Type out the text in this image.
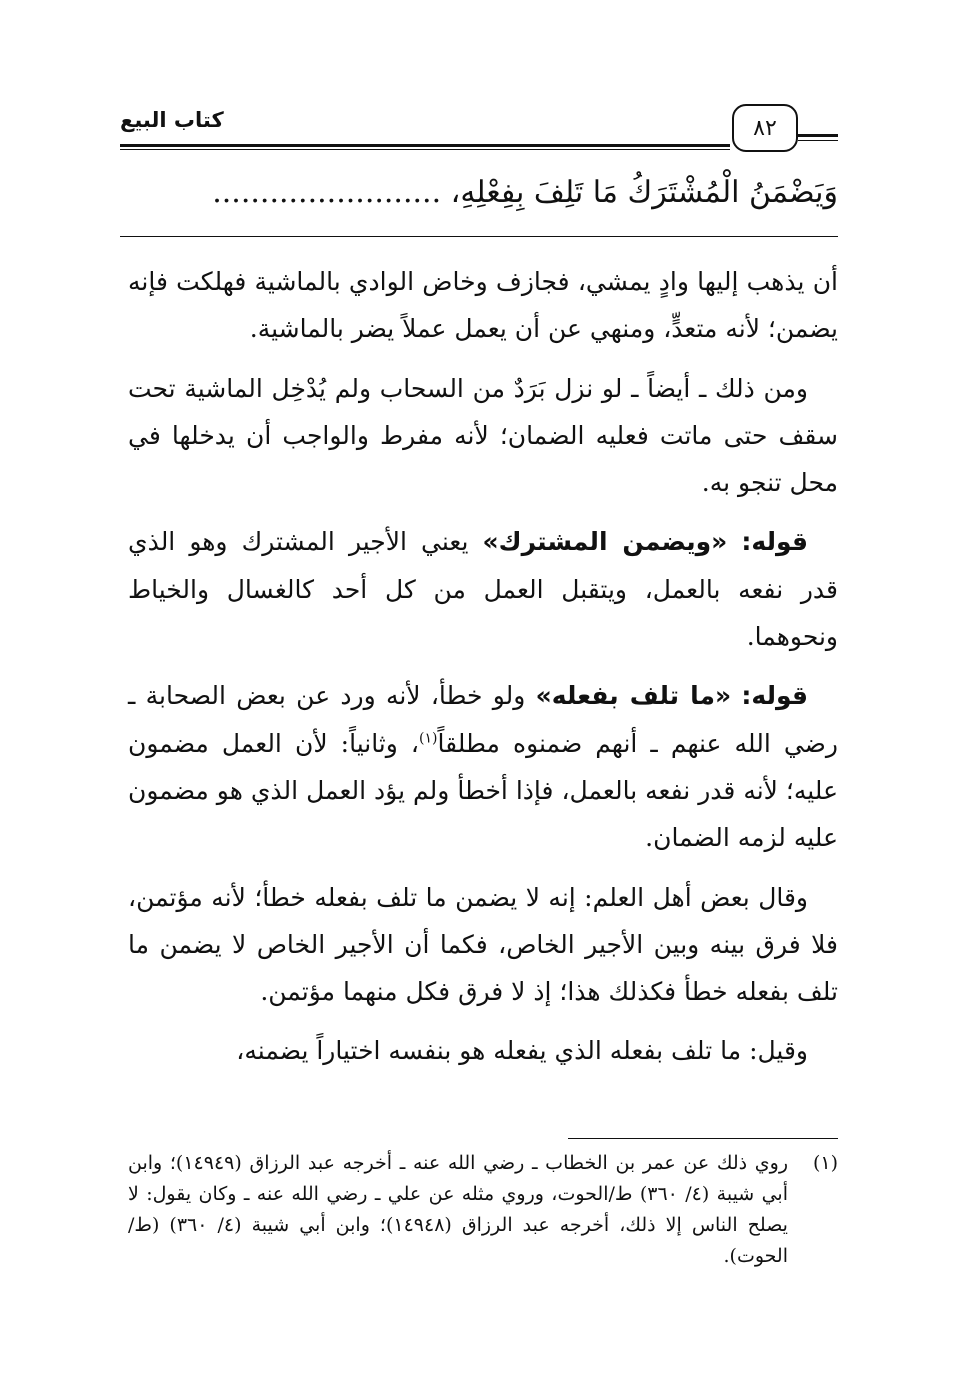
كتاب البيع	٨٢
وَيَضْمَنُ الْمُشْتَرَكُ مَا تَلِفَ بِفِعْلِهِ، ........................

أن يذهب إليها وادٍ يمشي، فجازف وخاض الوادي بالماشية فهلكت فإنه يضمن؛ لأنه متعدٍّ، ومنهي عن أن يعمل عملاً يضر بالماشية.

ومن ذلك ـ أيضاً ـ لو نزل بَرَدٌ من السحاب ولم يُدْخِل الماشية تحت سقف حتى ماتت فعليه الضمان؛ لأنه مفرط والواجب أن يدخلها في محل تنجو به.

قوله: «ويضمن المشترك» يعني الأجير المشترك وهو الذي قدر نفعه بالعمل، ويتقبل العمل من كل أحد كالغسال والخياط ونحوهما.

قوله: «ما تلف بفعله» ولو خطأ، لأنه ورد عن بعض الصحابة ـ رضي الله عنهم ـ أنهم ضمنوه مطلقاً$^{(١)}$، وثانياً: لأن العمل مضمون عليه؛ لأنه قدر نفعه بالعمل، فإذا أخطأ ولم يؤد العمل الذي هو مضمون عليه لزمه الضمان.

وقال بعض أهل العلم: إنه لا يضمن ما تلف بفعله خطأ؛ لأنه مؤتمن، فلا فرق بينه وبين الأجير الخاص، فكما أن الأجير الخاص لا يضمن ما تلف بفعله خطأ فكذلك هذا؛ إذ لا فرق فكل منهما مؤتمن.

وقيل: ما تلف بفعله الذي يفعله هو بنفسه اختياراً يضمنه،

(١)
روي ذلك عن عمر بن الخطاب ـ رضي الله عنه ـ أخرجه عبد الرزاق (١٤٩٤٩)؛ وابن أبي شيبة (٤/ ٣٦٠) ط/الحوت، وروي مثله عن علي ـ رضي الله عنه ـ وكان يقول: لا يصلح الناس إلا ذلك، أخرجه عبد الرزاق (١٤٩٤٨)؛ وابن أبي شيبة (٤/ ٣٦٠) (ط/الحوت).
